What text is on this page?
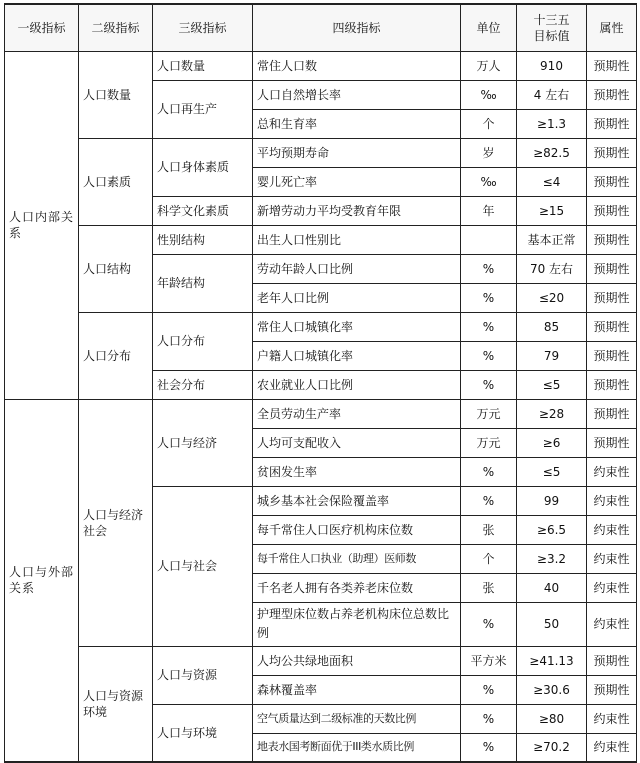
一级指标	二级指标	三级指标	四级指标	单位	十三五
目标值	属性
人口内部关系	人口数量	人口数量	常住人口数	万人	910	预期性
		人口再生产	人口自然增长率	‰	4 左右	预期性
			总和生育率	个	≥1.3	预期性
	人口素质	人口身体素质	平均预期寿命	岁	≥82.5	预期性
			婴儿死亡率	‰	≤4	预期性
		科学文化素质	新增劳动力平均受教育年限	年	≥15	预期性
	人口结构	性别结构	出生人口性别比		基本正常	预期性
		年龄结构	劳动年龄人口比例	%	70 左右	预期性
			老年人口比例	%	≤20	预期性
	人口分布	人口分布	常住人口城镇化率	%	85	预期性
			户籍人口城镇化率	%	79	预期性
		社会分布	农业就业人口比例	%	≤5	预期性
人口与外部关系	人口与经济社会	人口与经济	全员劳动生产率	万元	≥28	预期性
			人均可支配收入	万元	≥6	预期性
			贫困发生率	%	≤5	约束性
		人口与社会	城乡基本社会保险覆盖率	%	99	约束性
			每千常住人口医疗机构床位数	张	≥6.5	约束性
			每千常住人口执业（助理）医师数	个	≥3.2	约束性
			千名老人拥有各类养老床位数	张	40	约束性
			护理型床位数占养老机构床位总数比例	%	50	约束性
	人口与资源环境	人口与资源	人均公共绿地面积	平方米	≥41.13	预期性
			森林覆盖率	%	≥30.6	预期性
		人口与环境	空气质量达到二级标准的天数比例	%	≥80	约束性
			地表水国考断面优于III类水质比例	%	≥70.2	约束性
